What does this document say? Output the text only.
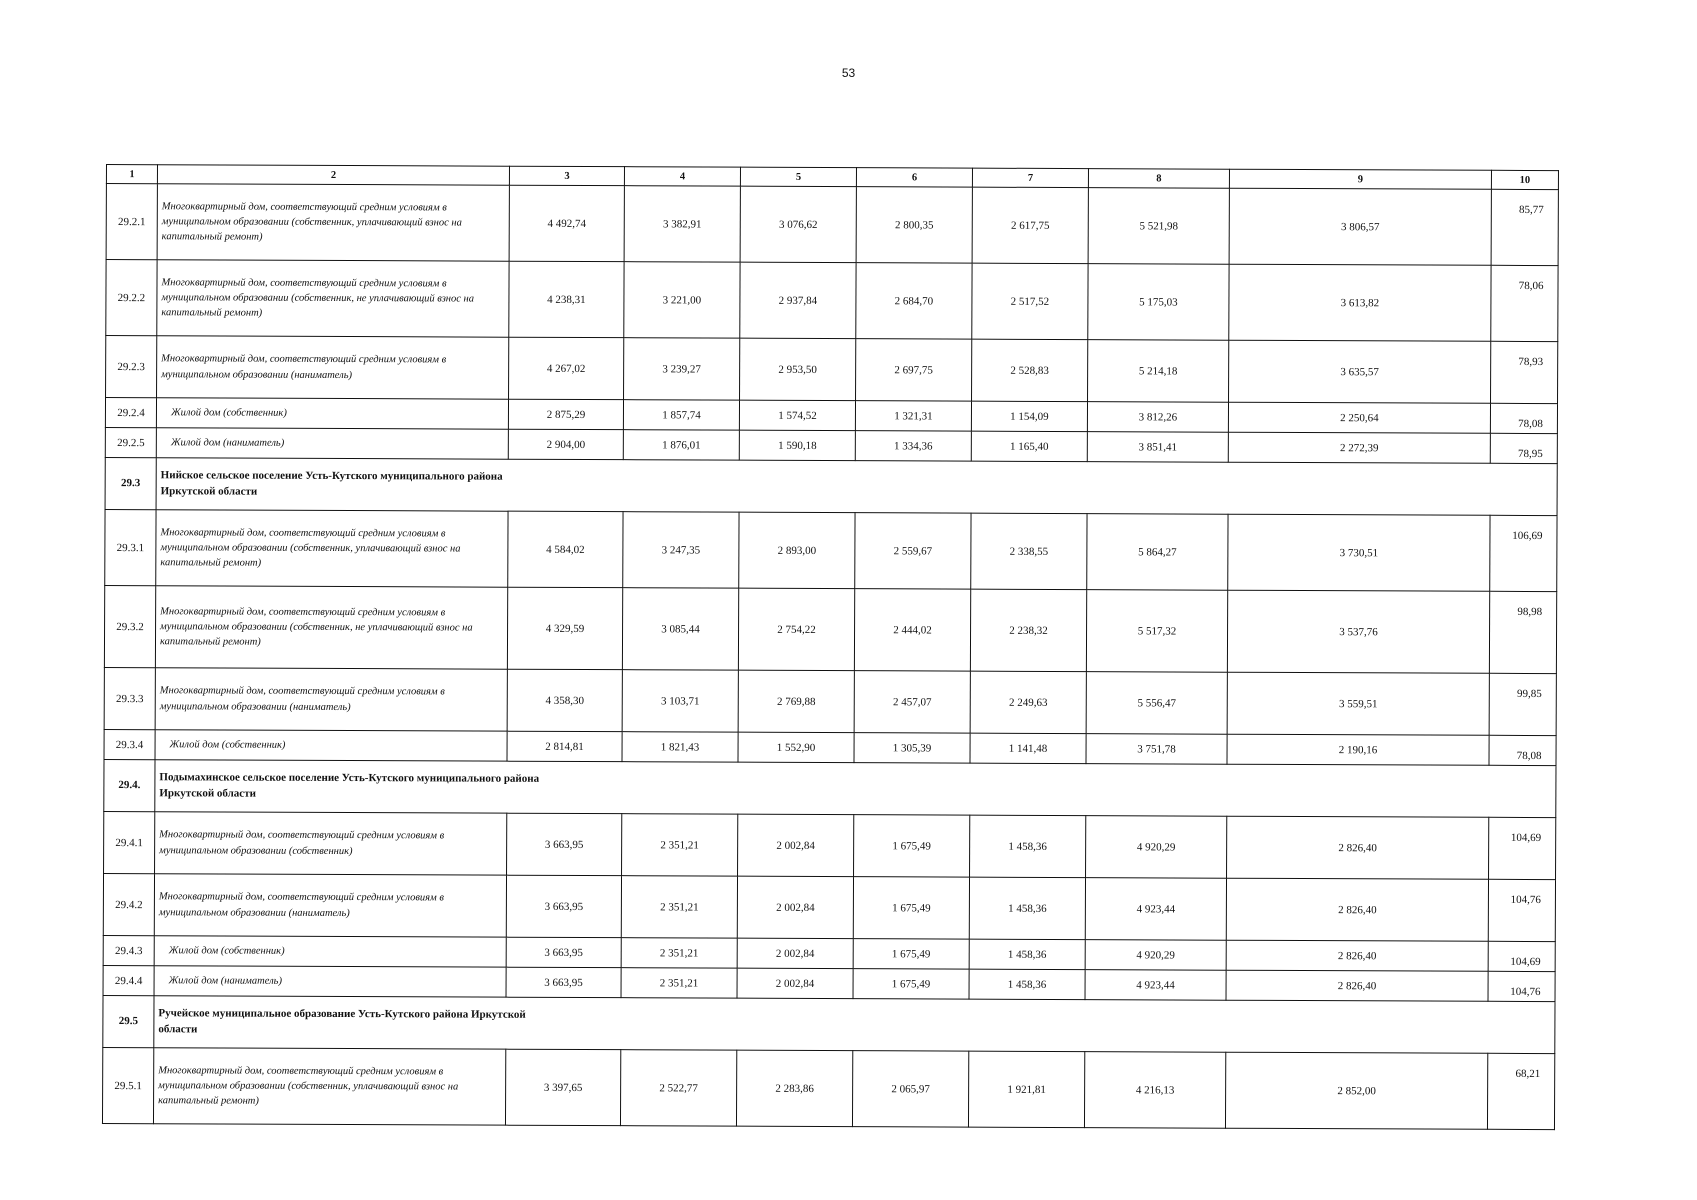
53
1	2	3	4	5	6	7	8	9	10
29.2.1	Многоквартирный дом, соответствующий средним условиям в муниципальном образовании (собственник, уплачивающий взнос на капитальный ремонт)	4 492,74	3 382,91	3 076,62	2 800,35	2 617,75	5 521,98	3 806,57	85,77
29.2.2	Многоквартирный дом, соответствующий средним условиям в муниципальном образовании (собственник, не уплачивающий взнос на капитальный ремонт)	4 238,31	3 221,00	2 937,84	2 684,70	2 517,52	5 175,03	3 613,82	78,06
29.2.3	Многоквартирный дом, соответствующий средним условиям в муниципальном образовании (наниматель)	4 267,02	3 239,27	2 953,50	2 697,75	2 528,83	5 214,18	3 635,57	78,93
29.2.4	Жилой дом (собственник)	2 875,29	1 857,74	1 574,52	1 321,31	1 154,09	3 812,26	2 250,64	78,08
29.2.5	Жилой дом (наниматель)	2 904,00	1 876,01	1 590,18	1 334,36	1 165,40	3 851,41	2 272,39	78,95
29.3	Нийское сельское поселение Усть-Кутского муниципального района Иркутской области								
29.3.1	Многоквартирный дом, соответствующий средним условиям в муниципальном образовании (собственник, уплачивающий взнос на капитальный ремонт)	4 584,02	3 247,35	2 893,00	2 559,67	2 338,55	5 864,27	3 730,51	106,69
29.3.2	Многоквартирный дом, соответствующий средним условиям в муниципальном образовании (собственник, не уплачивающий взнос на капитальный ремонт)	4 329,59	3 085,44	2 754,22	2 444,02	2 238,32	5 517,32	3 537,76	98,98
29.3.3	Многоквартирный дом, соответствующий средним условиям в муниципальном образовании (наниматель)	4 358,30	3 103,71	2 769,88	2 457,07	2 249,63	5 556,47	3 559,51	99,85
29.3.4	Жилой дом (собственник)	2 814,81	1 821,43	1 552,90	1 305,39	1 141,48	3 751,78	2 190,16	78,08
29.4.	Подымахинское сельское поселение Усть-Кутского муниципального района Иркутской области								
29.4.1	Многоквартирный дом, соответствующий средним условиям в муниципальном образовании (собственник)	3 663,95	2 351,21	2 002,84	1 675,49	1 458,36	4 920,29	2 826,40	104,69
29.4.2	Многоквартирный дом, соответствующий средним условиям в муниципальном образовании (наниматель)	3 663,95	2 351,21	2 002,84	1 675,49	1 458,36	4 923,44	2 826,40	104,76
29.4.3	Жилой дом (собственник)	3 663,95	2 351,21	2 002,84	1 675,49	1 458,36	4 920,29	2 826,40	104,69
29.4.4	Жилой дом (наниматель)	3 663,95	2 351,21	2 002,84	1 675,49	1 458,36	4 923,44	2 826,40	104,76
29.5	Ручейское муниципальное образование Усть-Кутского района Иркутской области								
29.5.1	Многоквартирный дом, соответствующий средним условиям в муниципальном образовании (собственник, уплачивающий взнос на капитальный ремонт)	3 397,65	2 522,77	2 283,86	2 065,97	1 921,81	4 216,13	2 852,00	68,21
